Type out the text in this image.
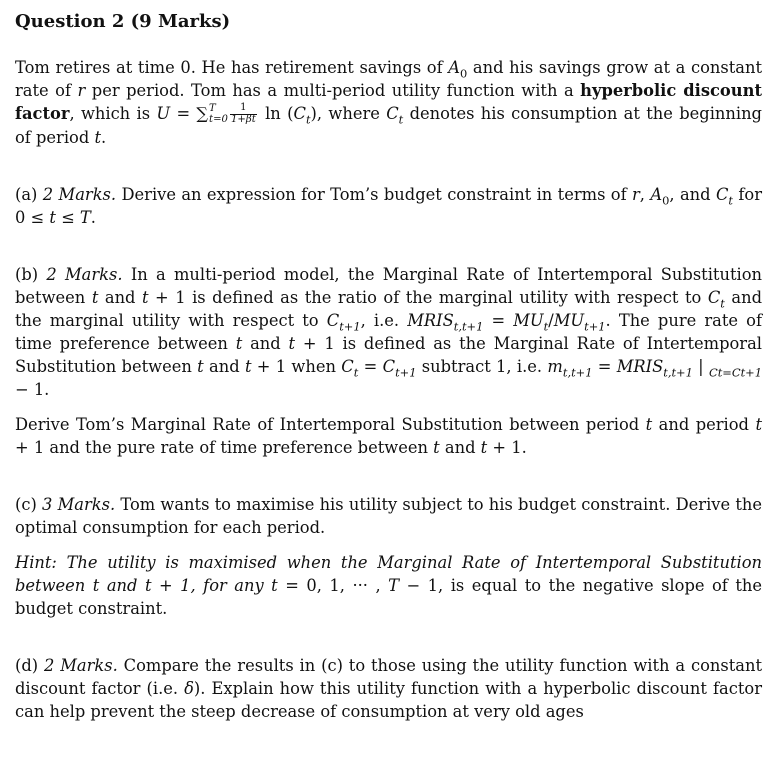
Question 2 (9 Marks)

Tom retires at time 0. He has retirement savings of $A_0$ and his savings grow at a constant rate of r per period. Tom has a multi-period utility function with a hyperbolic discount factor, which is U = ∑ T
$t=0 \frac{1}{1+\beta t}$ $\ln (C_t)$, where $C_t$ denotes his consumption at the beginning of period t.

(a) 2 Marks. Derive an expression for Tom’s budget constraint in terms of r, $A_0$, and $C_t$ for 0 ≤ t ≤ T.

(b) 2 Marks. In a multi-period model, the Marginal Rate of Intertemporal Substitution between t and t + 1 is defined as the ratio of the marginal utility with respect to $C_t$ and the marginal utility with respect to $C_{t+1}$, i.e. $MRIS_{t,t+1} = MU_t/MU_{t+1}$. The pure rate of time preference between t and t + 1 is defined as the Marginal Rate of Intertemporal Substitution between t and t + 1 when $C_t = C_{t+1}$ subtract 1, i.e. $m_{t,t+1}$ = $MRIS_{t,t+1}$ | $_{Ct=Ct+1}$ − 1.

Derive Tom’s Marginal Rate of Intertemporal Substitution between period t and period t + 1 and the pure rate of time preference between t and t + 1.

(c) 3 Marks. Tom wants to maximise his utility subject to his budget constraint. Derive the optimal consumption for each period.

Hint: The utility is maximised when the Marginal Rate of Intertemporal Substitution between t and t + 1, for any t = 0, 1, ··· , T − 1, is equal to the negative slope of the budget constraint.

(d) 2 Marks. Compare the results in (c) to those using the utility function with a constant discount factor (i.e. δ). Explain how this utility function with a hyperbolic discount factor can help prevent the steep decrease of consumption at very old ages
